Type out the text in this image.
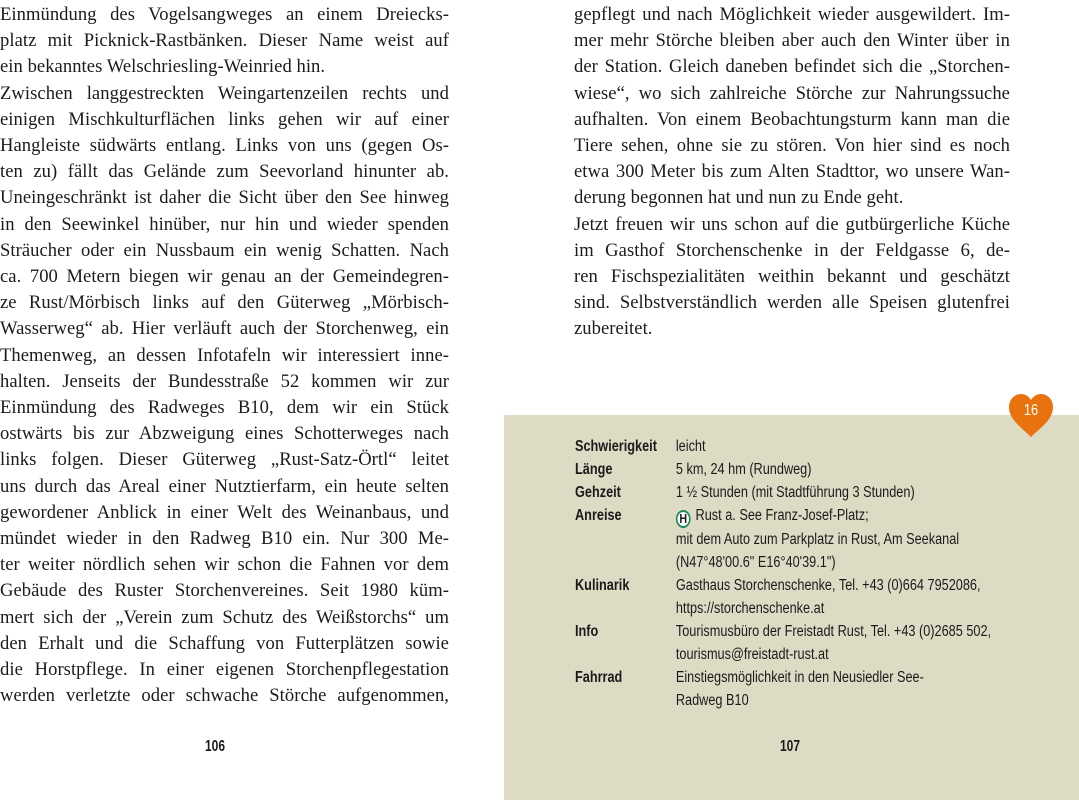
Einmündung des Vogelsangweges an einem Dreiecks-
platz mit Picknick-Rastbänken. Dieser Name weist auf
ein bekanntes Welschriesling-Weinried hin.
Zwischen langgestreckten Weingartenzeilen rechts und
einigen Mischkulturflächen links gehen wir auf einer
Hangleiste südwärts entlang. Links von uns (gegen Os-
ten zu) fällt das Gelände zum Seevorland hinunter ab.
Uneingeschränkt ist daher die Sicht über den See hinweg
in den Seewinkel hinüber, nur hin und wieder spenden
Sträucher oder ein Nussbaum ein wenig Schatten. Nach
ca. 700 Metern biegen wir genau an der Gemeindegren-
ze Rust/Mörbisch links auf den Güterweg „Mörbisch-
Wasserweg“ ab. Hier verläuft auch der Storchenweg, ein
Themenweg, an dessen Infotafeln wir interessiert inne-
halten. Jenseits der Bundesstraße 52 kommen wir zur
Einmündung des Radweges B10, dem wir ein Stück
ostwärts bis zur Abzweigung eines Schotterweges nach
links folgen. Dieser Güterweg „Rust-Satz-Örtl“ leitet
uns durch das Areal einer Nutztierfarm, ein heute selten
gewordener Anblick in einer Welt des Weinanbaus, und
mündet wieder in den Radweg B10 ein. Nur 300 Me-
ter weiter nördlich sehen wir schon die Fahnen vor dem
Gebäude des Ruster Storchenvereines. Seit 1980 küm-
mert sich der „Verein zum Schutz des Weißstorchs“ um
den Erhalt und die Schaffung von Futterplätzen sowie
die Horstpflege. In einer eigenen Storchenpflegestation
werden verletzte oder schwache Störche aufgenommen,
106
gepflegt und nach Möglichkeit wieder ausgewildert. Im-
mer mehr Störche bleiben aber auch den Winter über in
der Station. Gleich daneben befindet sich die „Storchen-
wiese“, wo sich zahlreiche Störche zur Nahrungssuche
aufhalten. Von einem Beobachtungsturm kann man die
Tiere sehen, ohne sie zu stören. Von hier sind es noch
etwa 300 Meter bis zum Alten Stadttor, wo unsere Wan-
derung begonnen hat und nun zu Ende geht.
Jetzt freuen wir uns schon auf die gutbürgerliche Küche
im Gasthof Storchenschenke in der Feldgasse 6, de-
ren Fischspezialitäten weithin bekannt und geschätzt
sind. Selbstverständlich werden alle Speisen glutenfrei
zubereitet.
Schwierigkeit	leicht
Länge	5 km, 24 hm (Rundweg)
Gehzeit	1 ½ Stunden (mit Stadtführung 3 Stunden)
Anreise	H Rust a. See Franz-Josef-Platz;
mit dem Auto zum Parkplatz in Rust, Am Seekanal
(N47°48'00.6" E16°40'39.1")
Kulinarik	Gasthaus Storchenschenke, Tel. +43 (0)664 7952086,
https://storchenschenke.at
Info	Tourismusbüro der Freistadt Rust, Tel. +43 (0)2685 502,
tourismus@freistadt-rust.at
Fahrrad	Einstiegsmöglichkeit in den Neusiedler See-
Radweg B10
107
16
